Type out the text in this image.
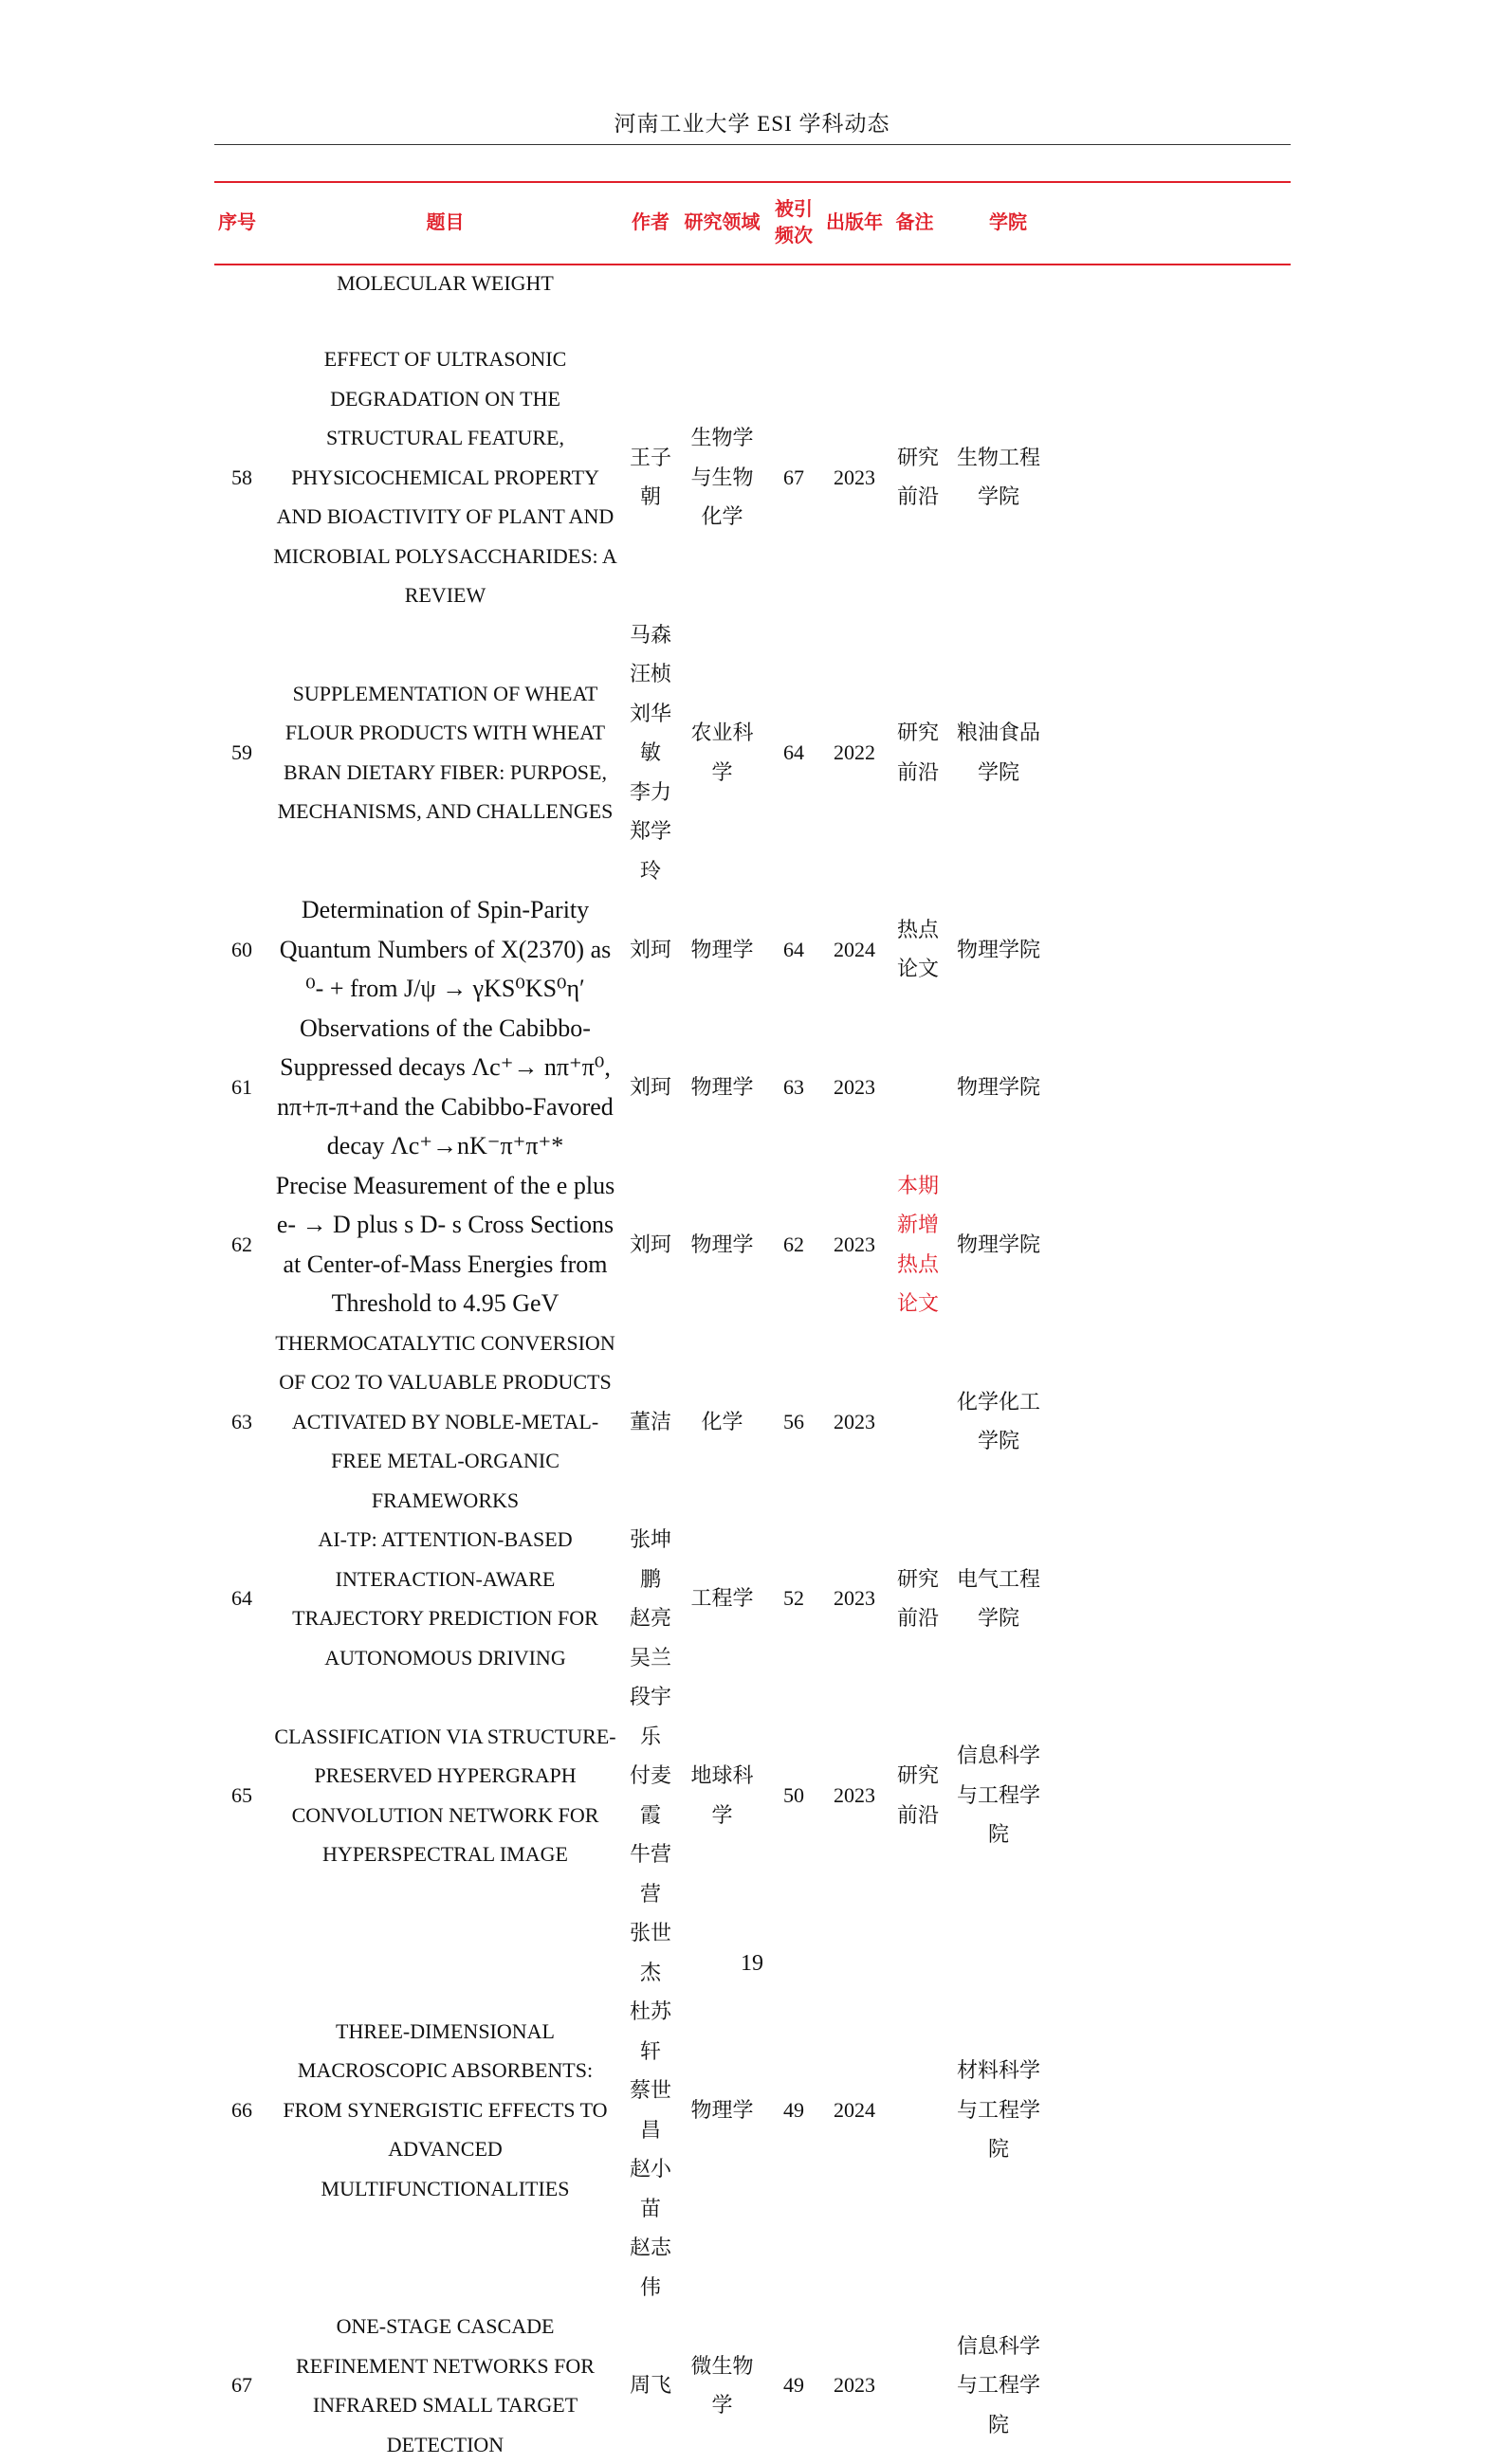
河南工业大学 ESI 学科动态
序号	题目	作者	研究领域	被引 频次	出版年	备注	学院
	MOLECULAR WEIGHT						
58	EFFECT OF ULTRASONIC DEGRADATION ON THE STRUCTURAL FEATURE, PHYSICOCHEMICAL PROPERTY AND BIOACTIVITY OF PLANT AND MICROBIAL POLYSACCHARIDES: A REVIEW	王子朝	生物学与生物化学	67	2023	研究前沿	生物工程学院

59	SUPPLEMENTATION OF WHEAT FLOUR PRODUCTS WITH WHEAT BRAN DIETARY FIBER: PURPOSE, MECHANISMS, AND CHALLENGES	马森
汪桢
刘华敏
李力
郑学玲	农业科学	64	2022	研究前沿	粮油食品学院

60	Determination of Spin-Parity Quantum Numbers of X(2370) as ⁰- + from J/ψ → γKS⁰KS⁰η′	刘珂	物理学	64	2024	热点论文	物理学院

61	Observations of the Cabibbo-Suppressed decays Λc⁺→ nπ⁺π⁰, nπ+π-π+and the Cabibbo-Favored decay Λc⁺→nK⁻π⁺π⁺*	刘珂	物理学	63	2023		物理学院

62	Precise Measurement of the e plus e- → D plus s D- s Cross Sections at Center-of-Mass Energies from Threshold to 4.95 GeV	刘珂	物理学	62	2023	本期新增热点论文	物理学院

63	THERMOCATALYTIC CONVERSION OF CO2 TO VALUABLE PRODUCTS ACTIVATED BY NOBLE-METAL-FREE METAL-ORGANIC FRAMEWORKS	董洁	化学	56	2023		化学化工学院

64	AI-TP: ATTENTION-BASED INTERACTION-AWARE TRAJECTORY PREDICTION FOR AUTONOMOUS DRIVING	张坤鹏
赵亮
吴兰	工程学	52	2023	研究前沿	电气工程学院

65	CLASSIFICATION VIA STRUCTURE-PRESERVED HYPERGRAPH CONVOLUTION NETWORK FOR HYPERSPECTRAL IMAGE	段宇乐
付麦霞
牛营营	地球科学	50	2023	研究前沿	信息科学与工程学院

66	THREE-DIMENSIONAL MACROSCOPIC ABSORBENTS: FROM SYNERGISTIC EFFECTS TO ADVANCED MULTIFUNCTIONALITIES	张世杰
杜苏轩
蔡世昌
赵小苗
赵志伟	物理学	49	2024		材料科学与工程学院

67	ONE-STAGE CASCADE REFINEMENT NETWORKS FOR INFRARED SMALL TARGET DETECTION	周飞	微生物学	49	2023		信息科学与工程学院
19
